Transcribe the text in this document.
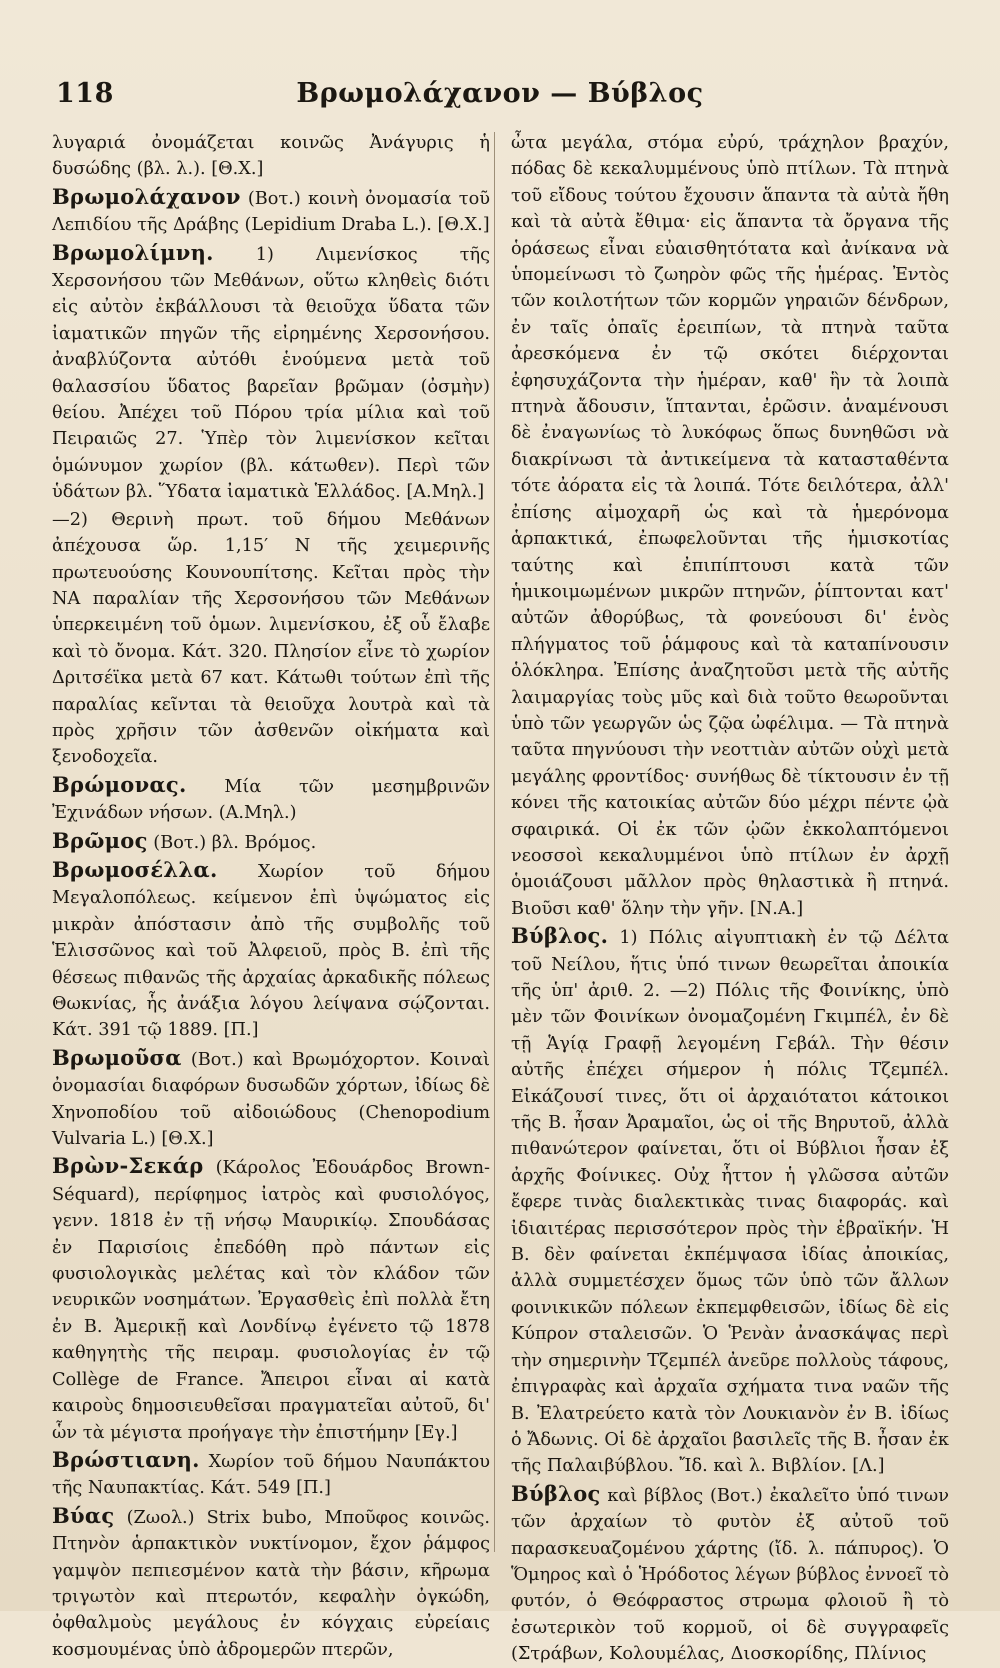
118	Βρωμολάχανον — Βύβλος

λυγαριά ὀνομάζεται κοινῶς Ἀνάγυρις ἡ δυσώδης (βλ. λ.). [Θ.Χ.]

Βρωμολάχανον (Βοτ.) κοινὴ ὀνομασία τοῦ Λεπιδίου τῆς Δράβης (Lepidium Draba L.). [Θ.Χ.]

Βρωμολίμνη. 1) Λιμενίσκος τῆς Χερσονήσου τῶν Μεθάνων, οὕτω κληθεὶς διότι εἰς αὐτὸν ἐκβάλλουσι τὰ θειοῦχα ὕδατα τῶν ἰαματικῶν πηγῶν τῆς εἰρημένης Χερσονήσου. ἀναβλύζοντα αὐτόθι ἑνούμενα μετὰ τοῦ θαλασσίου ὕδατος βαρεῖαν βρῶμαν (ὀσμὴν) θείου. Ἀπέχει τοῦ Πόρου τρία μίλια καὶ τοῦ Πειραιῶς 27. Ὑπὲρ τὸν λιμενίσκον κεῖται ὁμώνυμον χωρίον (βλ. κάτωθεν). Περὶ τῶν ὑδάτων βλ. Ὕδατα ἰαματικὰ Ἑλλάδος. [Α.Μηλ.]

—2) Θερινὴ πρωτ. τοῦ δήμου Μεθάνων ἀπέχουσα ὥρ. 1,15′ Ν τῆς χειμερινῆς πρωτευούσης Κουνουπίτσης. Κεῖται πρὸς τὴν ΝΑ παραλίαν τῆς Χερσονήσου τῶν Μεθάνων ὑπερκειμένη τοῦ ὁμων. λιμενίσκου, ἐξ οὗ ἔλαβε καὶ τὸ ὄνομα. Κάτ. 320. Πλησίον εἶνε τὸ χωρίον Δριτσέϊκα μετὰ 67 κατ. Κάτωθι τούτων ἐπὶ τῆς παραλίας κεῖνται τὰ θειοῦχα λουτρὰ καὶ τὰ πρὸς χρῆσιν τῶν ἀσθενῶν οἰκήματα καὶ ξενοδοχεῖα.

Βρώμονας. Μία τῶν μεσημβρινῶν Ἐχινάδων νήσων. (Α.Μηλ.)

Βρῶμος (Βοτ.) βλ. Βρόμος.

Βρωμοσέλλα. Χωρίον τοῦ δήμου Μεγαλοπόλεως. κείμενον ἐπὶ ὑψώματος εἰς μικρὰν ἀπόστασιν ἀπὸ τῆς συμβολῆς τοῦ Ἑλισσῶνος καὶ τοῦ Ἀλφειοῦ, πρὸς Β. ἐπὶ τῆς θέσεως πιθανῶς τῆς ἀρχαίας ἀρκαδικῆς πόλεως Θωκνίας, ἧς ἀνάξια λόγου λείψανα σῴζονται. Κάτ. 391 τῷ 1889. [Π.]

Βρωμοῦσα (Βοτ.) καὶ Βρωμόχορτον. Κοιναὶ ὀνομασίαι διαφόρων δυσωδῶν χόρτων, ἰδίως δὲ Χηνοποδίου τοῦ αἰδοιώδους (Chenopodium Vulvaria L.) [Θ.Χ.]

Βρὼν-Σεκάρ (Κάρολος Ἐδουάρδος Brown-Séquard), περίφημος ἰατρὸς καὶ φυσιολόγος, γενν. 1818 ἐν τῇ νήσῳ Μαυρικίῳ. Σπουδάσας ἐν Παρισίοις ἐπεδόθη πρὸ πάντων εἰς φυσιολογικὰς μελέτας καὶ τὸν κλάδον τῶν νευρικῶν νοσημάτων. Ἐργασθεὶς ἐπὶ πολλὰ ἔτη ἐν Β. Ἀμερικῇ καὶ Λονδίνῳ ἐγένετο τῷ 1878 καθηγητὴς τῆς πειραμ. φυσιολογίας ἐν τῷ Collège de France. Ἄπειροι εἶναι αἱ κατὰ καιροὺς δημοσιευθεῖσαι πραγματεῖαι αὐτοῦ, δι' ὧν τὰ μέγιστα προήγαγε τὴν ἐπιστήμην [Εγ.]

Βρώστιανη. Χωρίον τοῦ δήμου Ναυπάκτου τῆς Ναυπακτίας. Κάτ. 549 [Π.]

Βύας (Ζωολ.) Strix bubo, Μποῦφος κοινῶς. Πτηνὸν ἁρπακτικὸν νυκτίνομον, ἔχον ῥάμφος γαμψὸν πεπιεσμένον κατὰ τὴν βάσιν, κῆρωμα τριγωτὸν καὶ πτερωτόν, κεφαλὴν ὀγκώδη, ὀφθαλμοὺς μεγάλους ἐν κόγχαις εὐρείαις κοσμουμένας ὑπὸ ἀδρομερῶν πτερῶν,

ὦτα μεγάλα, στόμα εὐρύ, τράχηλον βραχύν, πόδας δὲ κεκαλυμμένους ὑπὸ πτίλων. Τὰ πτηνὰ τοῦ εἴδους τούτου ἔχουσιν ἅπαντα τὰ αὐτὰ ἤθη καὶ τὰ αὐτὰ ἔθιμα· εἰς ἅπαντα τὰ ὄργανα τῆς ὁράσεως εἶναι εὐαισθητότατα καὶ ἀνίκανα νὰ ὑπομείνωσι τὸ ζωηρὸν φῶς τῆς ἡμέρας. Ἐντὸς τῶν κοιλοτήτων τῶν κορμῶν γηραιῶν δένδρων, ἐν ταῖς ὀπαῖς ἐρειπίων, τὰ πτηνὰ ταῦτα ἀρεσκόμενα ἐν τῷ σκότει διέρχονται ἐφησυχάζοντα τὴν ἡμέραν, καθ' ἣν τὰ λοιπὰ πτηνὰ ἄδουσιν, ἵπτανται, ἐρῶσιν. ἀναμένουσι δὲ ἐναγωνίως τὸ λυκόφως ὅπως δυνηθῶσι νὰ διακρίνωσι τὰ ἀντικείμενα τὰ κατασταθέντα τότε ἀόρατα εἰς τὰ λοιπά. Τότε δειλότερα, ἀλλ' ἐπίσης αἱμοχαρῆ ὡς καὶ τὰ ἡμερόνομα ἁρπακτικά, ἐπωφελοῦνται τῆς ἡμισκοτίας ταύτης καὶ ἐπιπίπτουσι κατὰ τῶν ἡμικοιμωμένων μικρῶν πτηνῶν, ῥίπτονται κατ' αὐτῶν ἀθορύβως, τὰ φονεύουσι δι' ἑνὸς πλήγματος τοῦ ῥάμφους καὶ τὰ καταπίνουσιν ὁλόκληρα. Ἐπίσης ἀναζητοῦσι μετὰ τῆς αὐτῆς λαιμαργίας τοὺς μῦς καὶ διὰ τοῦτο θεωροῦνται ὑπὸ τῶν γεωργῶν ὡς ζῷα ὠφέλιμα. — Τὰ πτηνὰ ταῦτα πηγνύουσι τὴν νεοττιὰν αὐτῶν οὐχὶ μετὰ μεγάλης φροντίδος· συνήθως δὲ τίκτουσιν ἐν τῇ κόνει τῆς κατοικίας αὐτῶν δύο μέχρι πέντε ᾠὰ σφαιρικά. Οἱ ἐκ τῶν ᾠῶν ἐκκολαπτόμενοι νεοσσοὶ κεκαλυμμένοι ὑπὸ πτίλων ἐν ἀρχῇ ὁμοιάζουσι μᾶλλον πρὸς θηλαστικὰ ἢ πτηνά. Βιοῦσι καθ' ὅλην τὴν γῆν. [Ν.Α.]

Βύβλος. 1) Πόλις αἰγυπτιακὴ ἐν τῷ Δέλτα τοῦ Νείλου, ἥτις ὑπό τινων θεωρεῖται ἀποικία τῆς ὑπ' ἀριθ. 2. —2) Πόλις τῆς Φοινίκης, ὑπὸ μὲν τῶν Φοινίκων ὀνομαζομένη Γκιμπέλ, ἐν δὲ τῇ Ἁγίᾳ Γραφῇ λεγομένη Γεβάλ. Τὴν θέσιν αὐτῆς ἐπέχει σήμερον ἡ πόλις Τζεμπέλ. Εἰκάζουσί τινες, ὅτι οἱ ἀρχαιότατοι κάτοικοι τῆς Β. ἦσαν Ἀραμαῖοι, ὡς οἱ τῆς Βηρυτοῦ, ἀλλὰ πιθανώτερον φαίνεται, ὅτι οἱ Βύβλιοι ἦσαν ἐξ ἀρχῆς Φοίνικες. Οὐχ ἧττον ἡ γλῶσσα αὐτῶν ἔφερε τινὰς διαλεκτικὰς τινας διαφοράς. καὶ ἰδιαιτέρας περισσότερον πρὸς τὴν ἑβραϊκήν. Ἡ Β. δὲν φαίνεται ἐκπέμψασα ἰδίας ἀποικίας, ἀλλὰ συμμετέσχεν ὅμως τῶν ὑπὸ τῶν ἄλλων φοινικικῶν πόλεων ἐκπεμφθεισῶν, ἰδίως δὲ εἰς Κύπρον σταλεισῶν. Ὁ Ῥενὰν ἀνασκάψας περὶ τὴν σημερινὴν Τζεμπέλ ἀνεῦρε πολλοὺς τάφους, ἐπιγραφὰς καὶ ἀρχαῖα σχήματα τινα ναῶν τῆς Β. Ἐλατρεύετο κατὰ τὸν Λουκιανὸν ἐν Β. ἰδίως ὁ Ἄδωνις. Οἱ δὲ ἀρχαῖοι βασιλεῖς τῆς Β. ἦσαν ἐκ τῆς Παλαιβύβλου. Ἴδ. καὶ λ. Βιβλίον. [Λ.]

Βύβλος καὶ βίβλος (Βοτ.) ἐκαλεῖτο ὑπό τινων τῶν ἀρχαίων τὸ φυτὸν ἐξ αὐτοῦ τοῦ παρασκευαζομένου χάρτης (ἴδ. λ. πάπυρος). Ὁ Ὅμηρος καὶ ὁ Ἡρόδοτος λέγων βύβλος ἐννοεῖ τὸ φυτόν, ὁ Θεόφραστος στρωμα φλοιοῦ ἢ τὸ ἐσωτερικὸν τοῦ κορμοῦ, οἱ δὲ συγγραφεῖς (Στράβων, Κολουμέλας, Διοσκορίδης, Πλίνιος
